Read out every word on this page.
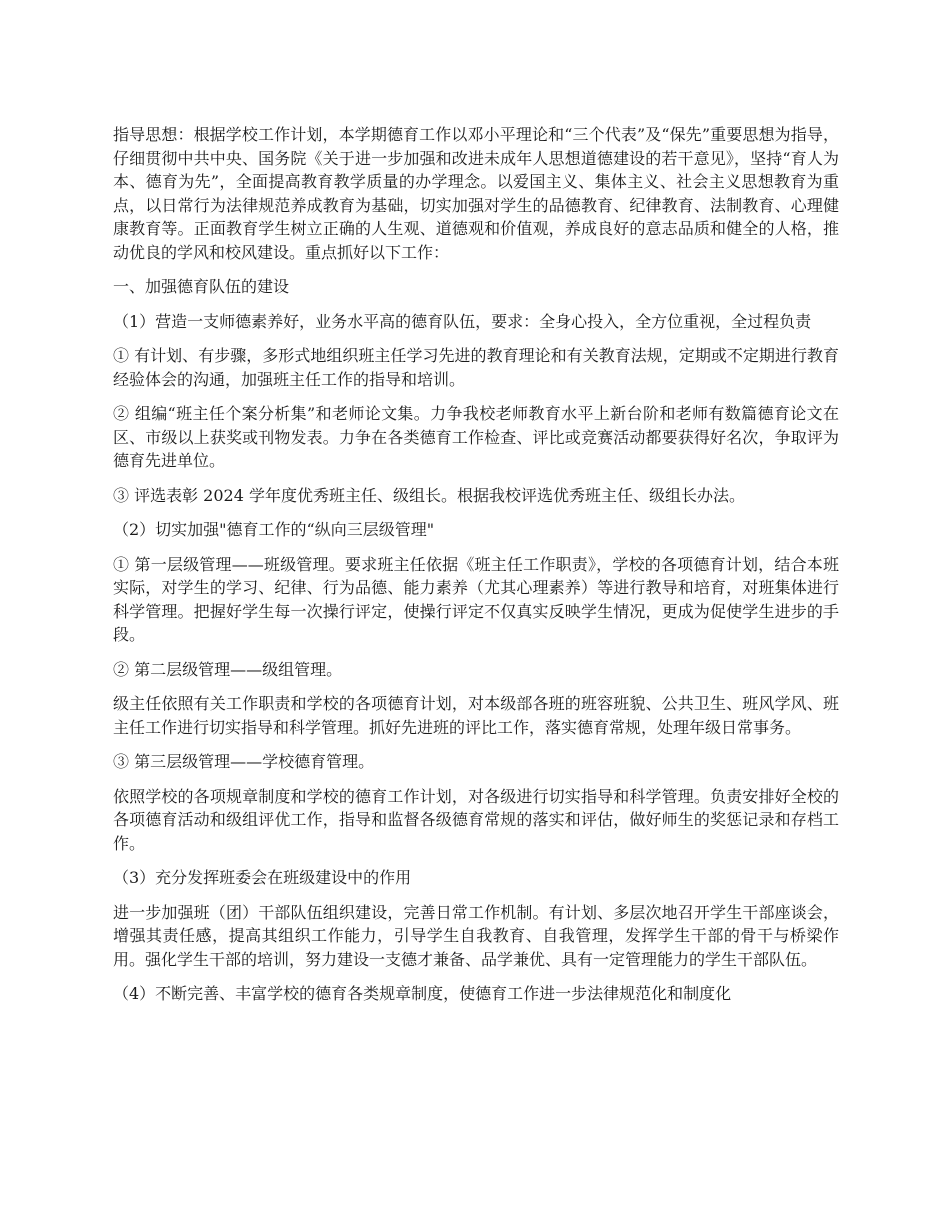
指导思想：根据学校工作计划，本学期德育工作以邓小平理论和“三个代表”及“保先”重要思想为指导，仔细贯彻中共中央、国务院《关于进一步加强和改进未成年人思想道德建设的若干意见》，坚持“育人为本、德育为先”，全面提高教育教学质量的办学理念。以爱国主义、集体主义、社会主义思想教育为重点，以日常行为法律规范养成教育为基础，切实加强对学生的品德教育、纪律教育、法制教育、心理健康教育等。正面教育学生树立正确的人生观、道德观和价值观，养成良好的意志品质和健全的人格，推动优良的学风和校风建设。重点抓好以下工作：

一、加强德育队伍的建设

（1）营造一支师德素养好，业务水平高的德育队伍，要求：全身心投入，全方位重视，全过程负责

① 有计划、有步骤，多形式地组织班主任学习先进的教育理论和有关教育法规，定期或不定期进行教育经验体会的沟通，加强班主任工作的指导和培训。

② 组编“班主任个案分析集”和老师论文集。力争我校老师教育水平上新台阶和老师有数篇德育论文在区、市级以上获奖或刊物发表。力争在各类德育工作检查、评比或竞赛活动都要获得好名次，争取评为德育先进单位。

③ 评选表彰 2024 学年度优秀班主任、级组长。根据我校评选优秀班主任、级组长办法。

（2）切实加强"德育工作的“纵向三层级管理"

① 第一层级管理——班级管理。要求班主任依据《班主任工作职责》，学校的各项德育计划，结合本班实际，对学生的学习、纪律、行为品德、能力素养（尤其心理素养）等进行教导和培育，对班集体进行科学管理。把握好学生每一次操行评定，使操行评定不仅真实反映学生情况，更成为促使学生进步的手段。

② 第二层级管理——级组管理。

级主任依照有关工作职责和学校的各项德育计划，对本级部各班的班容班貌、公共卫生、班风学风、班主任工作进行切实指导和科学管理。抓好先进班的评比工作，落实德育常规，处理年级日常事务。

③ 第三层级管理——学校德育管理。

依照学校的各项规章制度和学校的德育工作计划，对各级进行切实指导和科学管理。负责安排好全校的各项德育活动和级组评优工作，指导和监督各级德育常规的落实和评估，做好师生的奖惩记录和存档工作。

（3）充分发挥班委会在班级建设中的作用

进一步加强班（团）干部队伍组织建设，完善日常工作机制。有计划、多层次地召开学生干部座谈会，增强其责任感，提高其组织工作能力，引导学生自我教育、自我管理，发挥学生干部的骨干与桥梁作用。强化学生干部的培训，努力建设一支德才兼备、品学兼优、具有一定管理能力的学生干部队伍。

（4）不断完善、丰富学校的德育各类规章制度，使德育工作进一步法律规范化和制度化
